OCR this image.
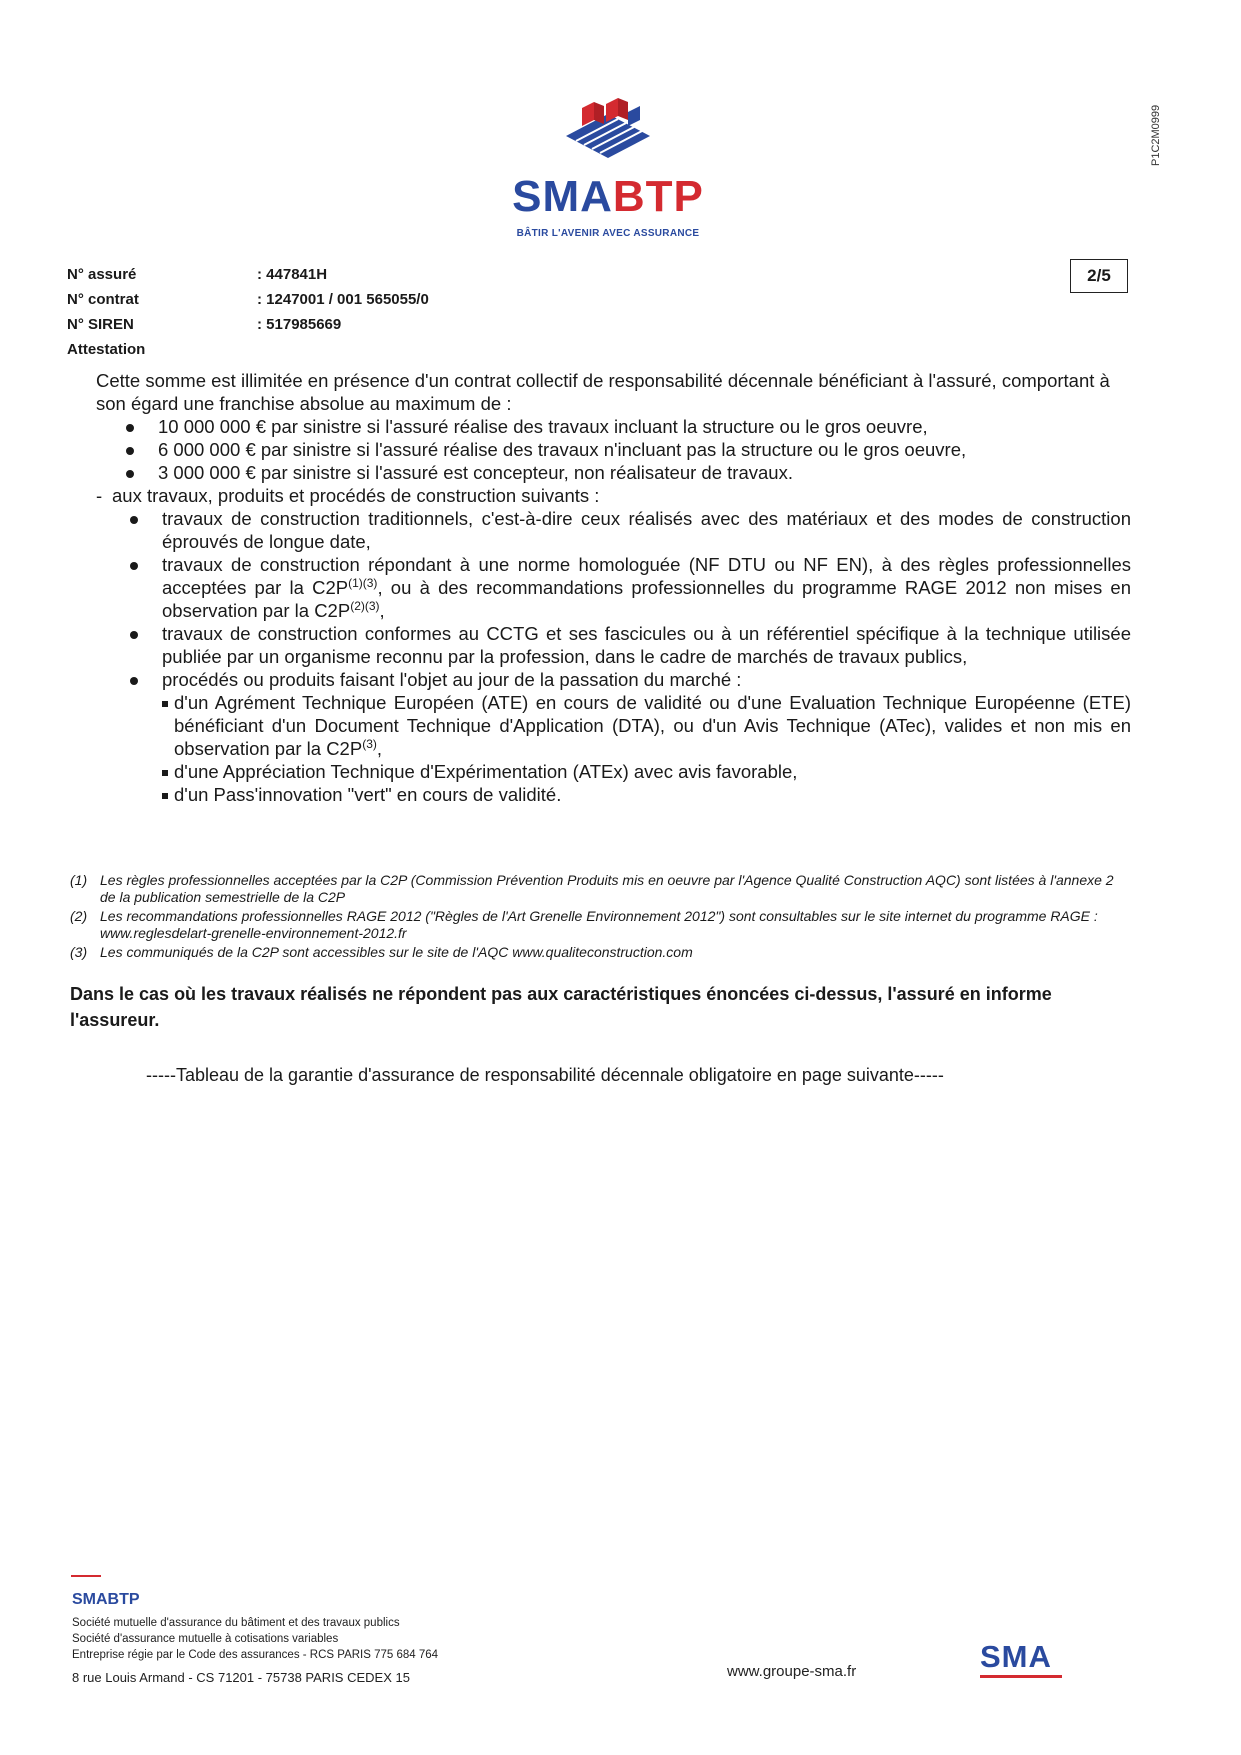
SMABTP
BÂTIR L'AVENIR AVEC ASSURANCE
P1C2M0999
2/5
N° assuré	: 447841H
N° contrat	: 1247001 / 001 565055/0
N° SIREN	: 517985669
Attestation

Cette somme est illimitée en présence d'un contrat collectif de responsabilité décennale bénéficiant à l'assuré, comportant à son égard une franchise absolue au maximum de :

10 000 000 € par sinistre si l'assuré réalise des travaux incluant la structure ou le gros oeuvre,
6 000 000 € par sinistre si l'assuré réalise des travaux n'incluant pas la structure ou le gros oeuvre,
3 000 000 € par sinistre si l'assuré est concepteur, non réalisateur de travaux.

- aux travaux, produits et procédés de construction suivants :

travaux de construction traditionnels, c'est-à-dire ceux réalisés avec des matériaux et des modes de construction éprouvés de longue date,
travaux de construction répondant à une norme homologuée (NF DTU ou NF EN), à des règles professionnelles acceptées par la $C2P^{(1)(3)}$, ou à des recommandations professionnelles du programme RAGE 2012 non mises en observation par la $C2P^{(2)(3)}$,
travaux de construction conformes au CCTG et ses fascicules ou à un référentiel spécifique à la technique utilisée publiée par un organisme reconnu par la profession, dans le cadre de marchés de travaux publics,
procédés ou produits faisant l'objet au jour de la passation du marché :
d'un Agrément Technique Européen (ATE) en cours de validité ou d'une Evaluation Technique Européenne (ETE) bénéficiant d'un Document Technique d'Application (DTA), ou d'un Avis Technique (ATec), valides et non mis en observation par la $C2P^{(3)}$,
d'une Appréciation Technique d'Expérimentation (ATEx) avec avis favorable,
d'un Pass'innovation "vert" en cours de validité.
(1) Les règles professionnelles acceptées par la C2P (Commission Prévention Produits mis en oeuvre par l'Agence Qualité Construction AQC) sont listées à l'annexe 2 de la publication semestrielle de la C2P
(2) Les recommandations professionnelles RAGE 2012 ("Règles de l'Art Grenelle Environnement 2012") sont consultables sur le site internet du programme RAGE : www.reglesdelart-grenelle-environnement-2012.fr
(3) Les communiqués de la C2P sont accessibles sur le site de l'AQC www.qualiteconstruction.com
Dans le cas où les travaux réalisés ne répondent pas aux caractéristiques énoncées ci-dessus, l'assuré en informe l'assureur.
-----Tableau de la garantie d'assurance de responsabilité décennale obligatoire en page suivante-----
SMABTP
Société mutuelle d'assurance du bâtiment et des travaux publics
Société d'assurance mutuelle à cotisations variables
Entreprise régie par le Code des assurances - RCS PARIS 775 684 764
8 rue Louis Armand - CS 71201 - 75738 PARIS CEDEX 15	www.groupe-sma.fr	SMA
